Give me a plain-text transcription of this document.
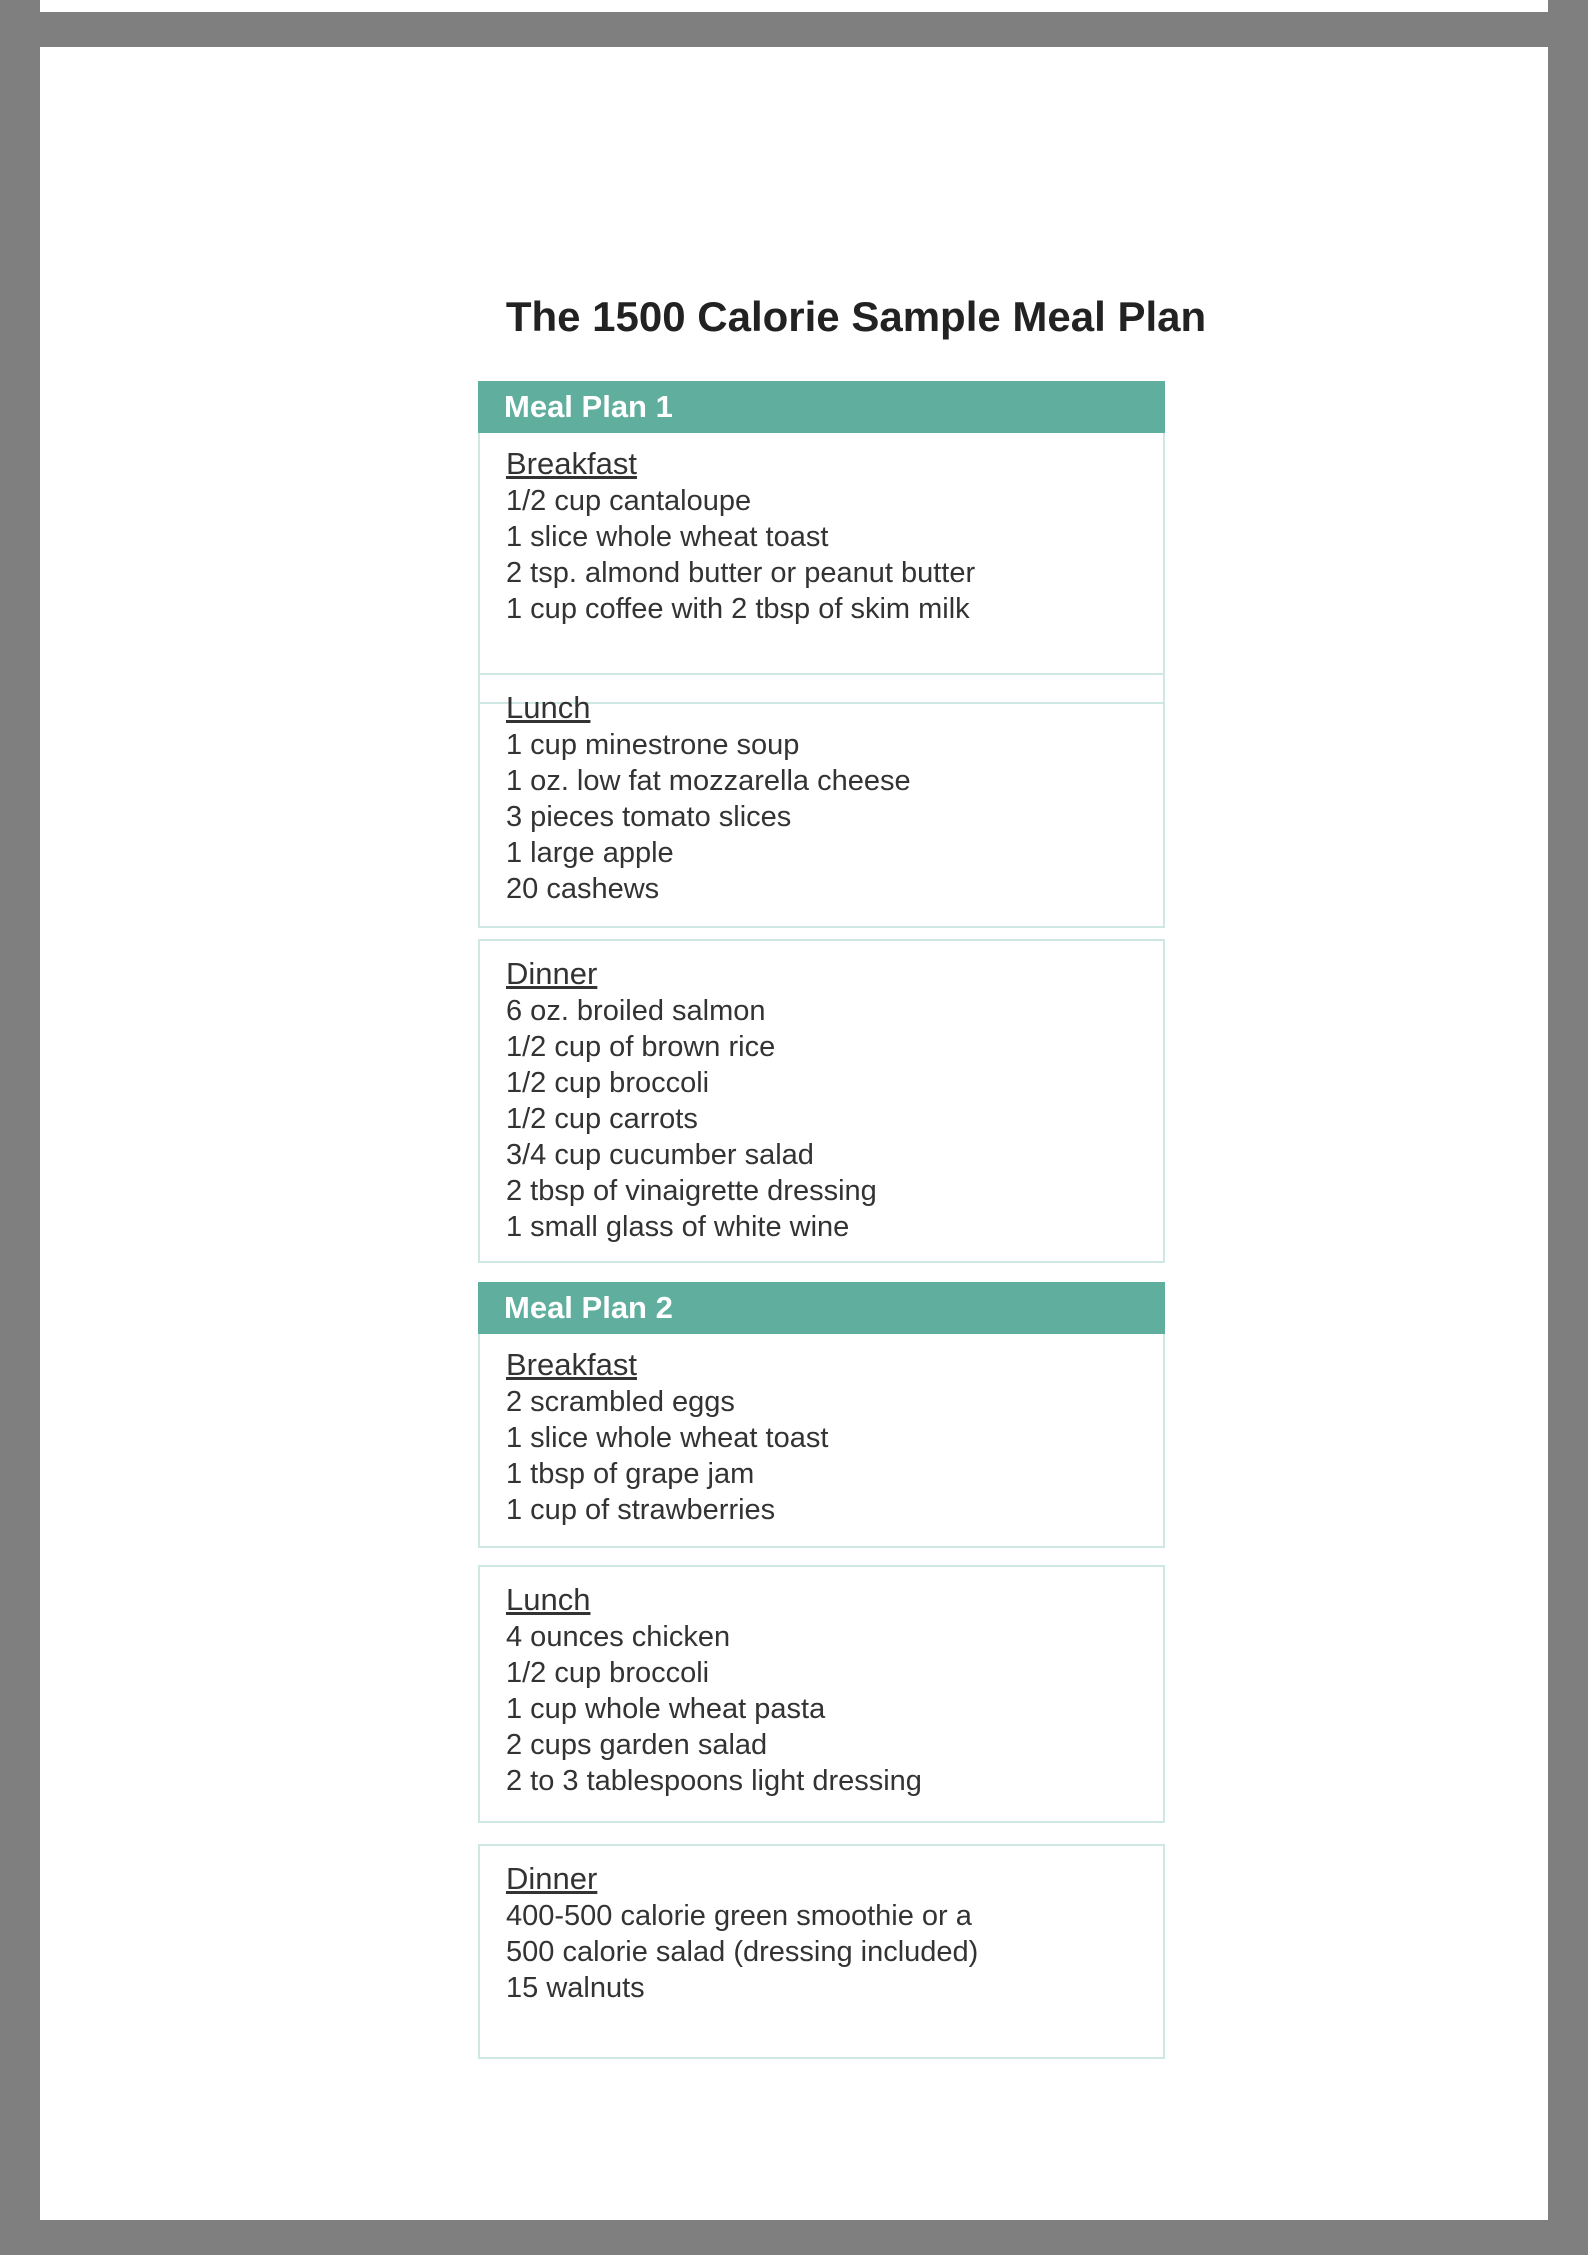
The 1500 Calorie Sample Meal Plan
Meal Plan 1
Breakfast
1/2 cup cantaloupe
1 slice whole wheat toast
2 tsp. almond butter or peanut butter
1 cup coffee with 2 tbsp of skim milk
Lunch
1 cup minestrone soup
1 oz. low fat mozzarella cheese
3 pieces tomato slices
1 large apple
20 cashews
Dinner
6 oz. broiled salmon
1/2 cup of brown rice
1/2 cup broccoli
1/2 cup carrots
3/4 cup cucumber salad
2 tbsp of vinaigrette dressing
1 small glass of white wine
Meal Plan 2
Breakfast
2 scrambled eggs
1 slice whole wheat toast
1 tbsp of grape jam
1 cup of strawberries
Lunch
4 ounces chicken
1/2 cup broccoli
1 cup whole wheat pasta
2 cups garden salad
2 to 3 tablespoons light dressing
Dinner
400-500 calorie green smoothie or a
500 calorie salad (dressing included)
15 walnuts
